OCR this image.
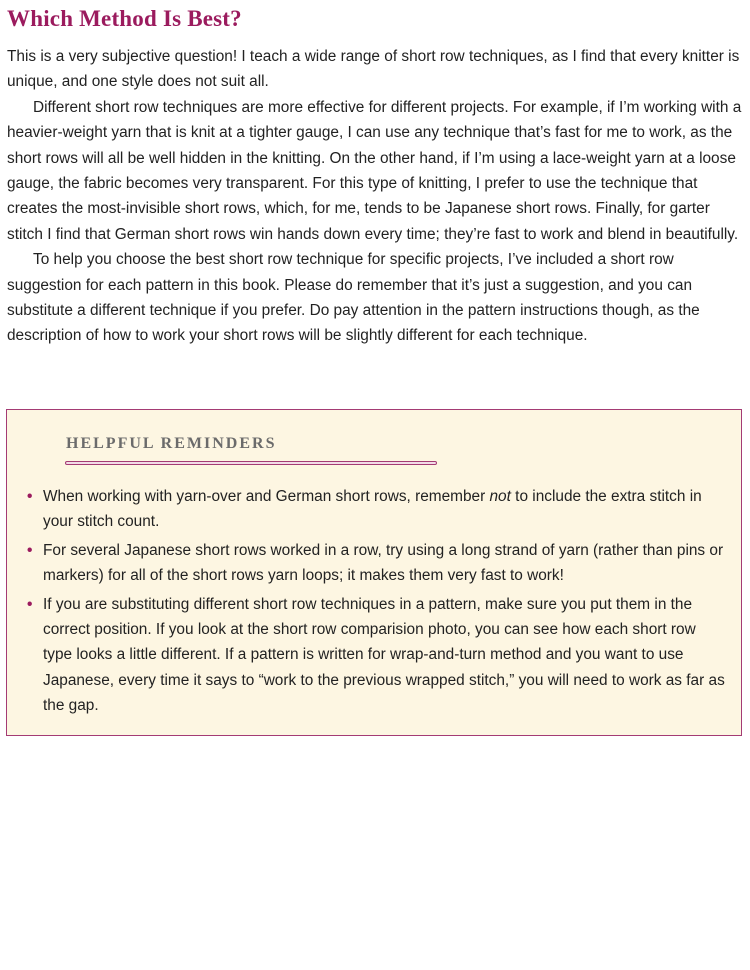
Which Method Is Best?

This is a very subjective question! I teach a wide range of short row techniques, as I find that every knitter is unique, and one style does not suit all.

Different short row techniques are more effective for different projects. For example, if I’m working with a heavier-weight yarn that is knit at a tighter gauge, I can use any technique that’s fast for me to work, as the short rows will all be well hidden in the knitting. On the other hand, if I’m using a lace-weight yarn at a loose gauge, the fabric becomes very transparent. For this type of knitting, I prefer to use the technique that creates the most-invisible short rows, which, for me, tends to be Japanese short rows. Finally, for garter stitch I find that German short rows win hands down every time; they’re fast to work and blend in beautifully.

To help you choose the best short row technique for specific projects, I’ve included a short row suggestion for each pattern in this book. Please do remember that it’s just a suggestion, and you can substitute a different technique if you prefer. Do pay attention in the pattern instructions though, as the description of how to work your short rows will be slightly different for each technique.

HELPFUL REMINDERS
• When working with yarn-over and German short rows, remember not to include the extra stitch in your stitch count.
• For several Japanese short rows worked in a row, try using a long strand of yarn (rather than pins or markers) for all of the short rows yarn loops; it makes them very fast to work!
• If you are substituting different short row techniques in a pattern, make sure you put them in the correct position. If you look at the short row comparision photo, you can see how each short row type looks a little different. If a pattern is written for wrap-and-turn method and you want to use Japanese, every time it says to “work to the previous wrapped stitch,” you will need to work as far as the gap.
